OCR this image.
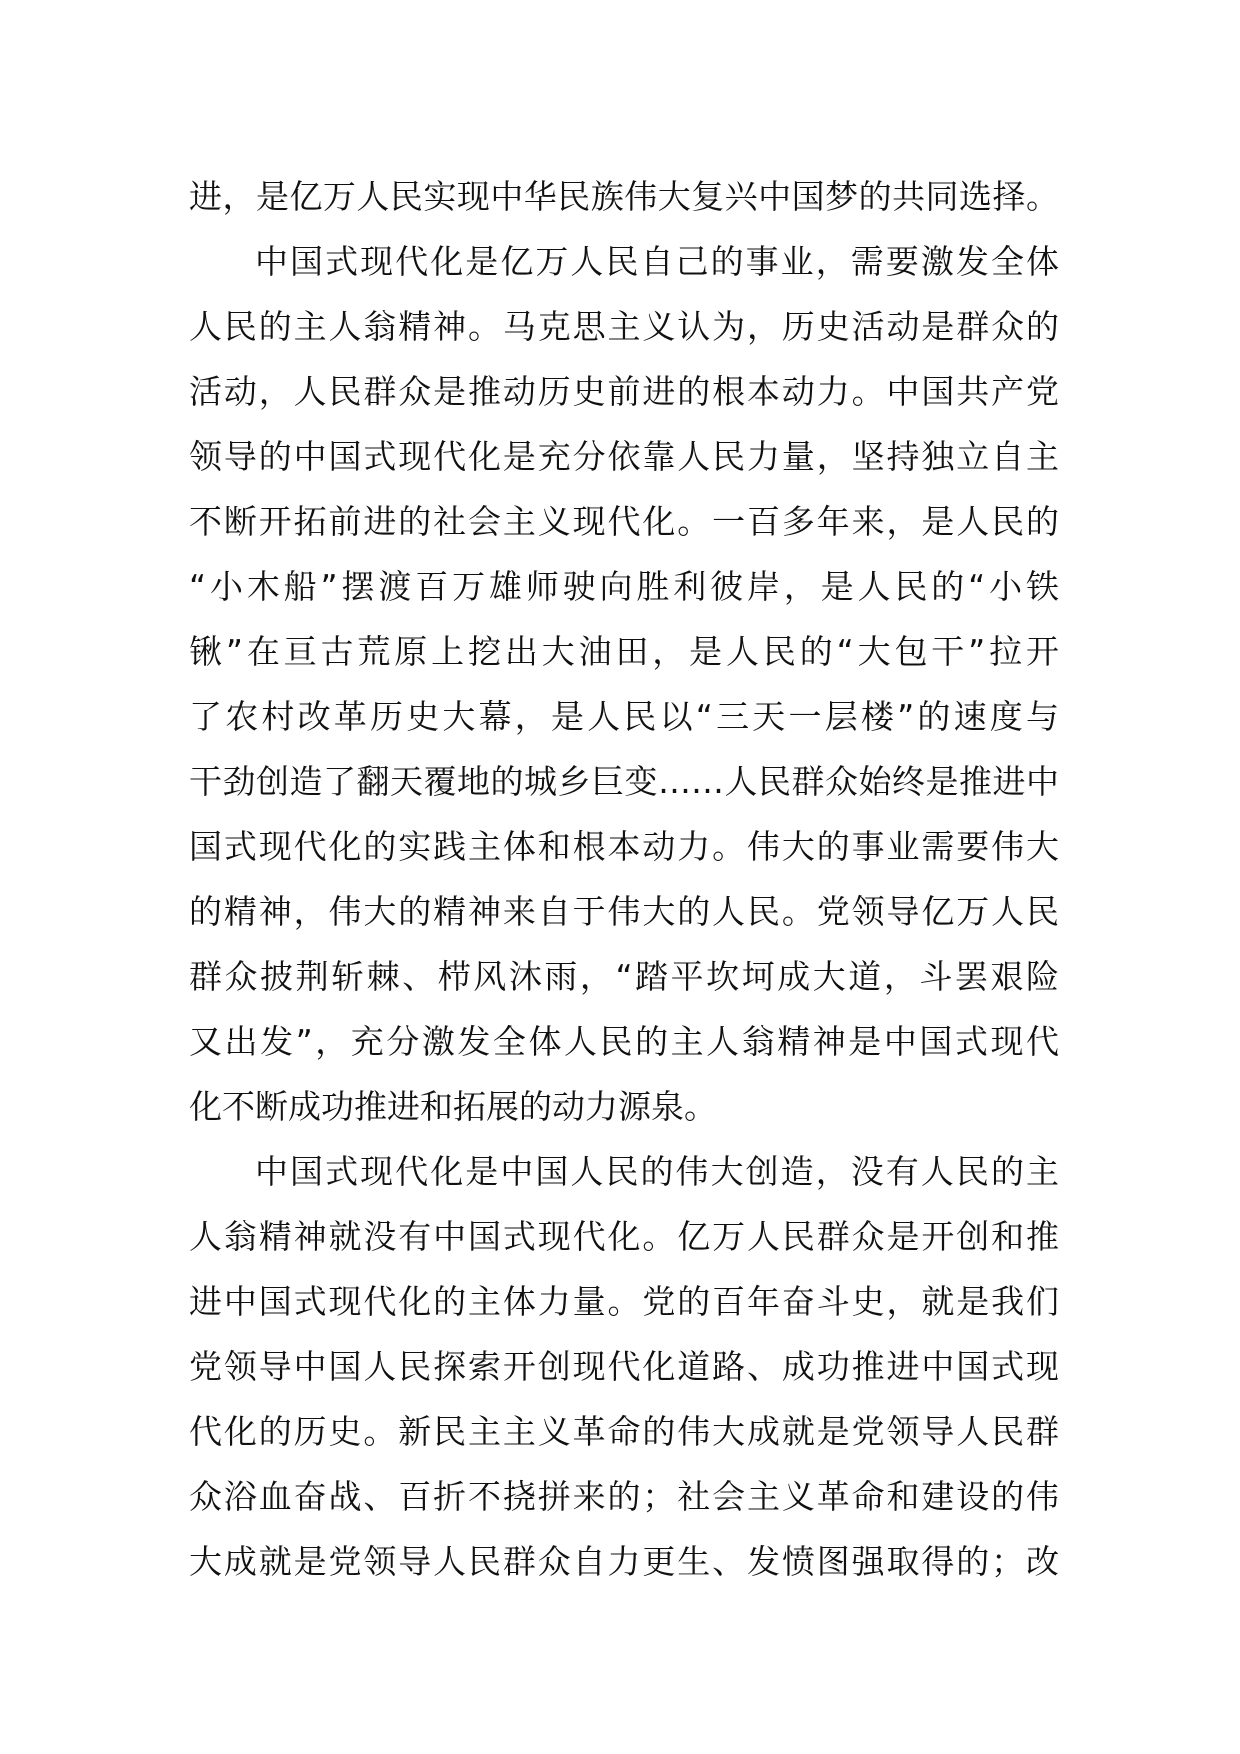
进，是亿万人民实现中华民族伟大复兴中国梦的共同选择。
中国式现代化是亿万人民自己的事业，需要激发全体
人民的主人翁精神。马克思主义认为，历史活动是群众的
活动，人民群众是推动历史前进的根本动力。中国共产党
领导的中国式现代化是充分依靠人民力量，坚持独立自主
不断开拓前进的社会主义现代化。一百多年来，是人民的
“小木船”摆渡百万雄师驶向胜利彼岸，是人民的“小铁
锹”在亘古荒原上挖出大油田，是人民的“大包干”拉开
了农村改革历史大幕，是人民以“三天一层楼”的速度与
干劲创造了翻天覆地的城乡巨变……人民群众始终是推进中
国式现代化的实践主体和根本动力。伟大的事业需要伟大
的精神，伟大的精神来自于伟大的人民。党领导亿万人民
群众披荆斩棘、栉风沐雨，“踏平坎坷成大道，斗罢艰险
又出发”，充分激发全体人民的主人翁精神是中国式现代
化不断成功推进和拓展的动力源泉。
中国式现代化是中国人民的伟大创造，没有人民的主
人翁精神就没有中国式现代化。亿万人民群众是开创和推
进中国式现代化的主体力量。党的百年奋斗史，就是我们
党领导中国人民探索开创现代化道路、成功推进中国式现
代化的历史。新民主主义革命的伟大成就是党领导人民群
众浴血奋战、百折不挠拼来的；社会主义革命和建设的伟
大成就是党领导人民群众自力更生、发愤图强取得的；改
